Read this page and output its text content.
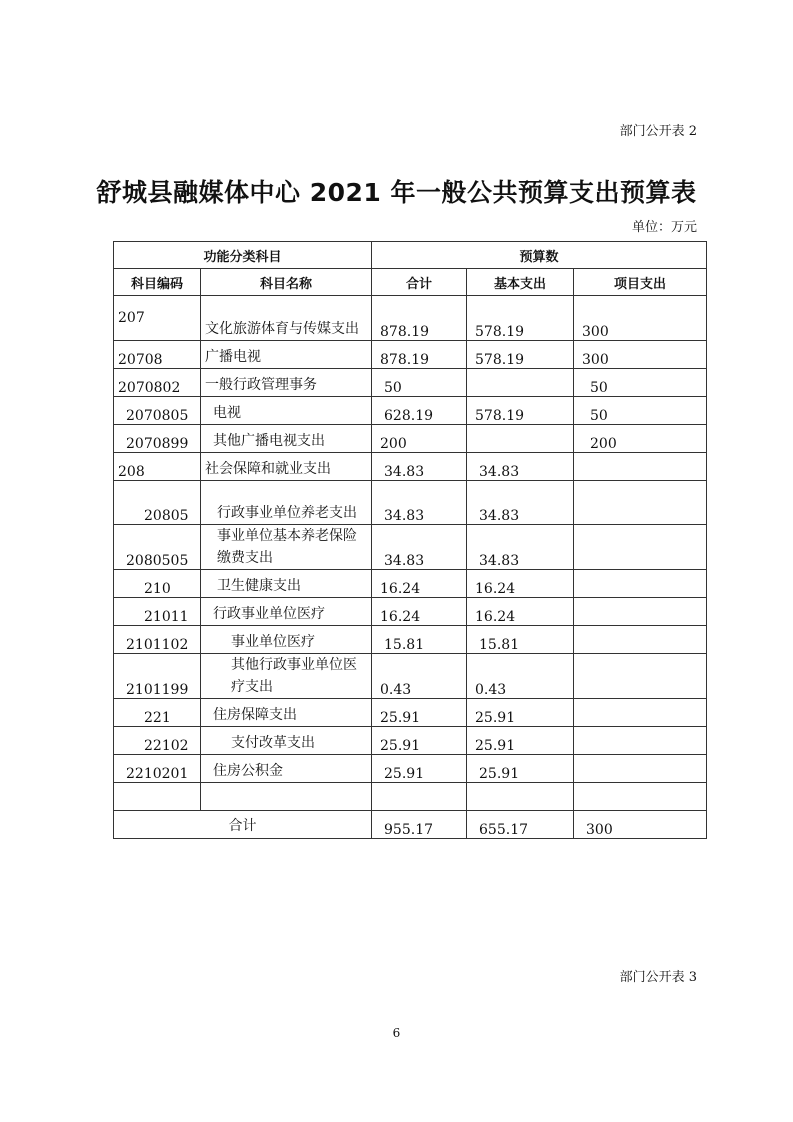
部门公开表 2
舒城县融媒体中心 2021 年一般公共预算支出预算表
单位：万元
功能分类科目		预算数		
科目编码	科目名称	合计	基本支出	项目支出
207	文化旅游体育与传媒支出	878.19	578.19	300
20708	广播电视	878.19	578.19	300
2070802	一般行政管理事务	50		50
2070805	电视	628.19	578.19	50
2070899	其他广播电视支出	200		200
208	社会保障和就业支出	34.83	34.83	
20805	行政事业单位养老支出	34.83	34.83	
2080505	事业单位基本养老保险缴费支出	34.83	34.83	
210	卫生健康支出	16.24	16.24	
21011	行政事业单位医疗	16.24	16.24	
2101102	事业单位医疗	15.81	15.81	
2101199	其他行政事业单位医疗支出	0.43	0.43	
221	住房保障支出	25.91	25.91	
22102	支付改革支出	25.91	25.91	
2210201	住房公积金	25.91	25.91	

合计		955.17	655.17	300
部门公开表 3
6
